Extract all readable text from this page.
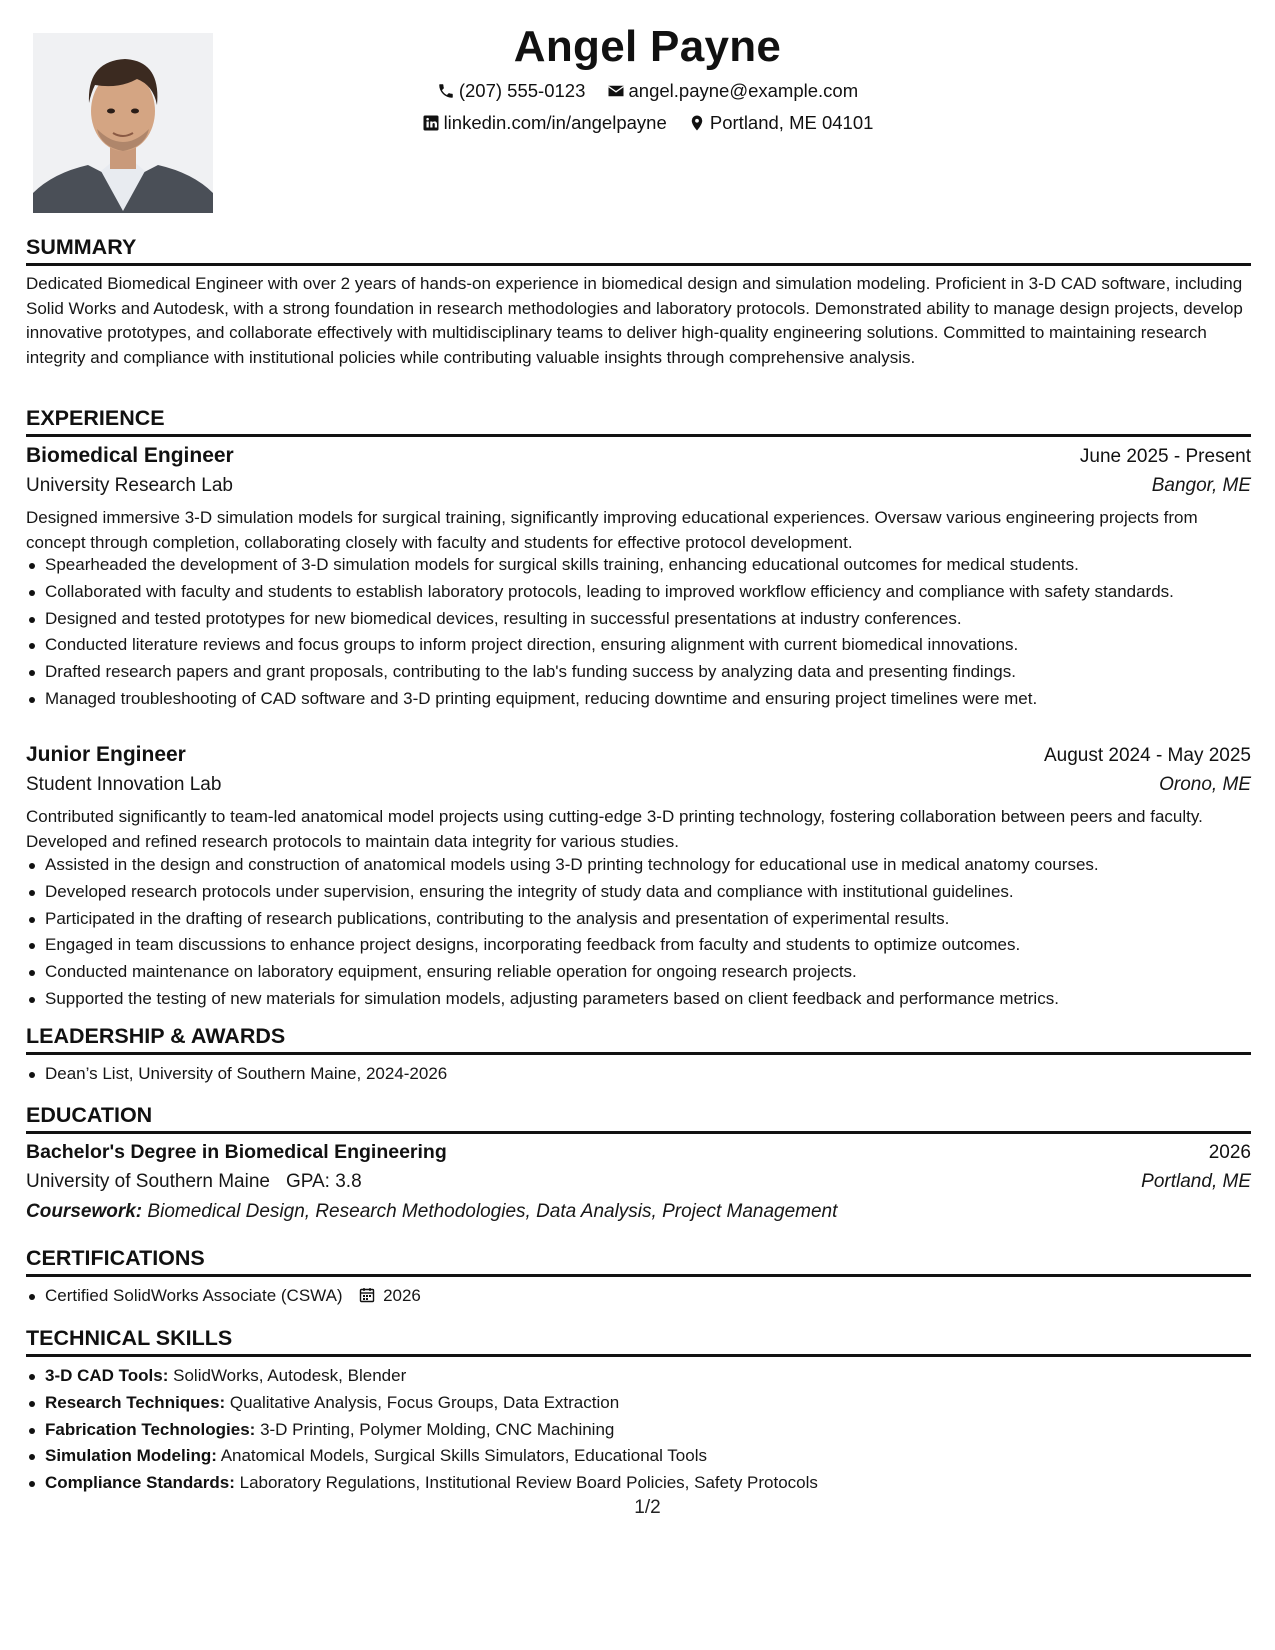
Angel Payne
(207) 555-0123
angel.payne@example.com
linkedin.com/in/angelpayne
Portland, ME 04101
SUMMARY
Dedicated Biomedical Engineer with over 2 years of hands-on experience in biomedical design and simulation modeling. Proficient in 3-D CAD software, including Solid Works and Autodesk, with a strong foundation in research methodologies and laboratory protocols. Demonstrated ability to manage design projects, develop innovative prototypes, and collaborate effectively with multidisciplinary teams to deliver high-quality engineering solutions. Committed to maintaining research integrity and compliance with institutional policies while contributing valuable insights through comprehensive analysis.
EXPERIENCE
Biomedical Engineer	June 2025 - Present
University Research Lab	Bangor, ME
Designed immersive 3-D simulation models for surgical training, significantly improving educational experiences. Oversaw various engineering projects from concept through completion, collaborating closely with faculty and students for effective protocol development.
Spearheaded the development of 3-D simulation models for surgical skills training, enhancing educational outcomes for medical students.
Collaborated with faculty and students to establish laboratory protocols, leading to improved workflow efficiency and compliance with safety standards.
Designed and tested prototypes for new biomedical devices, resulting in successful presentations at industry conferences.
Conducted literature reviews and focus groups to inform project direction, ensuring alignment with current biomedical innovations.
Drafted research papers and grant proposals, contributing to the lab's funding success by analyzing data and presenting findings.
Managed troubleshooting of CAD software and 3-D printing equipment, reducing downtime and ensuring project timelines were met.
Junior Engineer	August 2024 - May 2025
Student Innovation Lab	Orono, ME
Contributed significantly to team-led anatomical model projects using cutting-edge 3-D printing technology, fostering collaboration between peers and faculty. Developed and refined research protocols to maintain data integrity for various studies.
Assisted in the design and construction of anatomical models using 3-D printing technology for educational use in medical anatomy courses.
Developed research protocols under supervision, ensuring the integrity of study data and compliance with institutional guidelines.
Participated in the drafting of research publications, contributing to the analysis and presentation of experimental results.
Engaged in team discussions to enhance project designs, incorporating feedback from faculty and students to optimize outcomes.
Conducted maintenance on laboratory equipment, ensuring reliable operation for ongoing research projects.
Supported the testing of new materials for simulation models, adjusting parameters based on client feedback and performance metrics.
LEADERSHIP & AWARDS
Dean’s List, University of Southern Maine, 2024-2026
EDUCATION
Bachelor's Degree in Biomedical Engineering	2026
University of Southern Maine GPA: 3.8	Portland, ME
Coursework: Biomedical Design, Research Methodologies, Data Analysis, Project Management
CERTIFICATIONS
Certified SolidWorks Associate (CSWA) 2026
TECHNICAL SKILLS
3-D CAD Tools: SolidWorks, Autodesk, Blender
Research Techniques: Qualitative Analysis, Focus Groups, Data Extraction
Fabrication Technologies: 3-D Printing, Polymer Molding, CNC Machining
Simulation Modeling: Anatomical Models, Surgical Skills Simulators, Educational Tools
Compliance Standards: Laboratory Regulations, Institutional Review Board Policies, Safety Protocols
1/2
